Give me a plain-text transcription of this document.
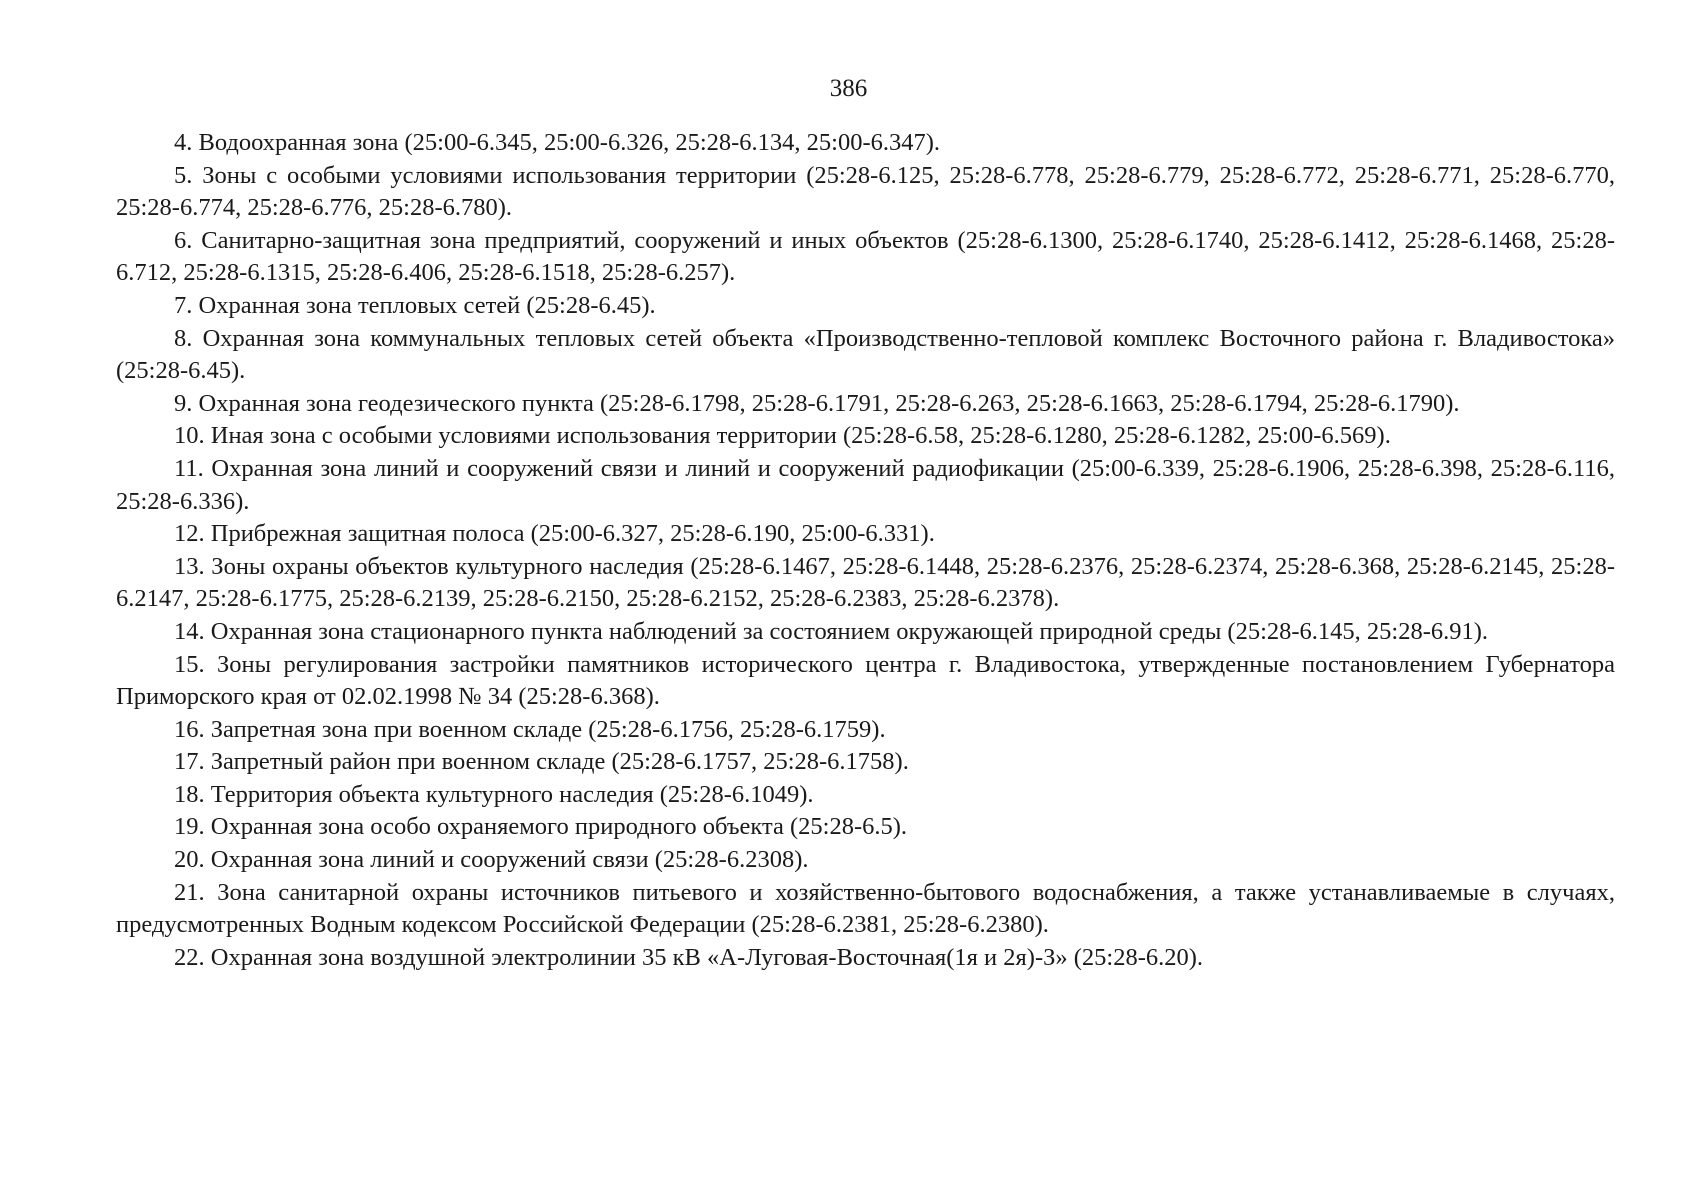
386

4. Водоохранная зона (25:00-6.345, 25:00-6.326, 25:28-6.134, 25:00-6.347).

5. Зоны с особыми условиями использования территории (25:28-6.125, 25:28-6.778, 25:28-6.779, 25:28-6.772, 25:28-6.771, 25:28-6.770, 25:28-6.774, 25:28-6.776, 25:28-6.780).

6. Санитарно-защитная зона предприятий, сооружений и иных объектов (25:28-6.1300, 25:28-6.1740, 25:28-6.1412, 25:28-6.1468, 25:28-6.712, 25:28-6.1315, 25:28-6.406, 25:28-6.1518, 25:28-6.257).

7. Охранная зона тепловых сетей (25:28-6.45).

8. Охранная зона коммунальных тепловых сетей объекта «Производственно-тепловой комплекс Восточного района г. Владивостока» (25:28-6.45).

9. Охранная зона геодезического пункта (25:28-6.1798, 25:28-6.1791, 25:28-6.263, 25:28-6.1663, 25:28-6.1794, 25:28-6.1790).

10. Иная зона с особыми условиями использования территории (25:28-6.58, 25:28-6.1280, 25:28-6.1282, 25:00-6.569).

11. Охранная зона линий и сооружений связи и линий и сооружений радиофикации (25:00-6.339, 25:28-6.1906, 25:28-6.398, 25:28-6.116, 25:28-6.336).

12. Прибрежная защитная полоса (25:00-6.327, 25:28-6.190, 25:00-6.331).

13. Зоны охраны объектов культурного наследия (25:28-6.1467, 25:28-6.1448, 25:28-6.2376, 25:28-6.2374, 25:28-6.368, 25:28-6.2145, 25:28-6.2147, 25:28-6.1775, 25:28-6.2139, 25:28-6.2150, 25:28-6.2152, 25:28-6.2383, 25:28-6.2378).

14. Охранная зона стационарного пункта наблюдений за состоянием окружающей природной среды (25:28-6.145, 25:28-6.91).

15. Зоны регулирования застройки памятников исторического центра г. Владивостока, утвержденные постановлением Губернатора Приморского края от 02.02.1998 № 34 (25:28-6.368).

16. Запретная зона при военном складе (25:28-6.1756, 25:28-6.1759).

17. Запретный район при военном складе (25:28-6.1757, 25:28-6.1758).

18. Территория объекта культурного наследия (25:28-6.1049).

19. Охранная зона особо охраняемого природного объекта (25:28-6.5).

20. Охранная зона линий и сооружений связи (25:28-6.2308).

21. Зона санитарной охраны источников питьевого и хозяйственно-бытового водоснабжения, а также устанавливаемые в случаях, предусмотренных Водным кодексом Российской Федерации (25:28-6.2381, 25:28-6.2380).

22. Охранная зона воздушной электролинии 35 кВ «А-Луговая-Восточная(1я и 2я)-З» (25:28-6.20).
